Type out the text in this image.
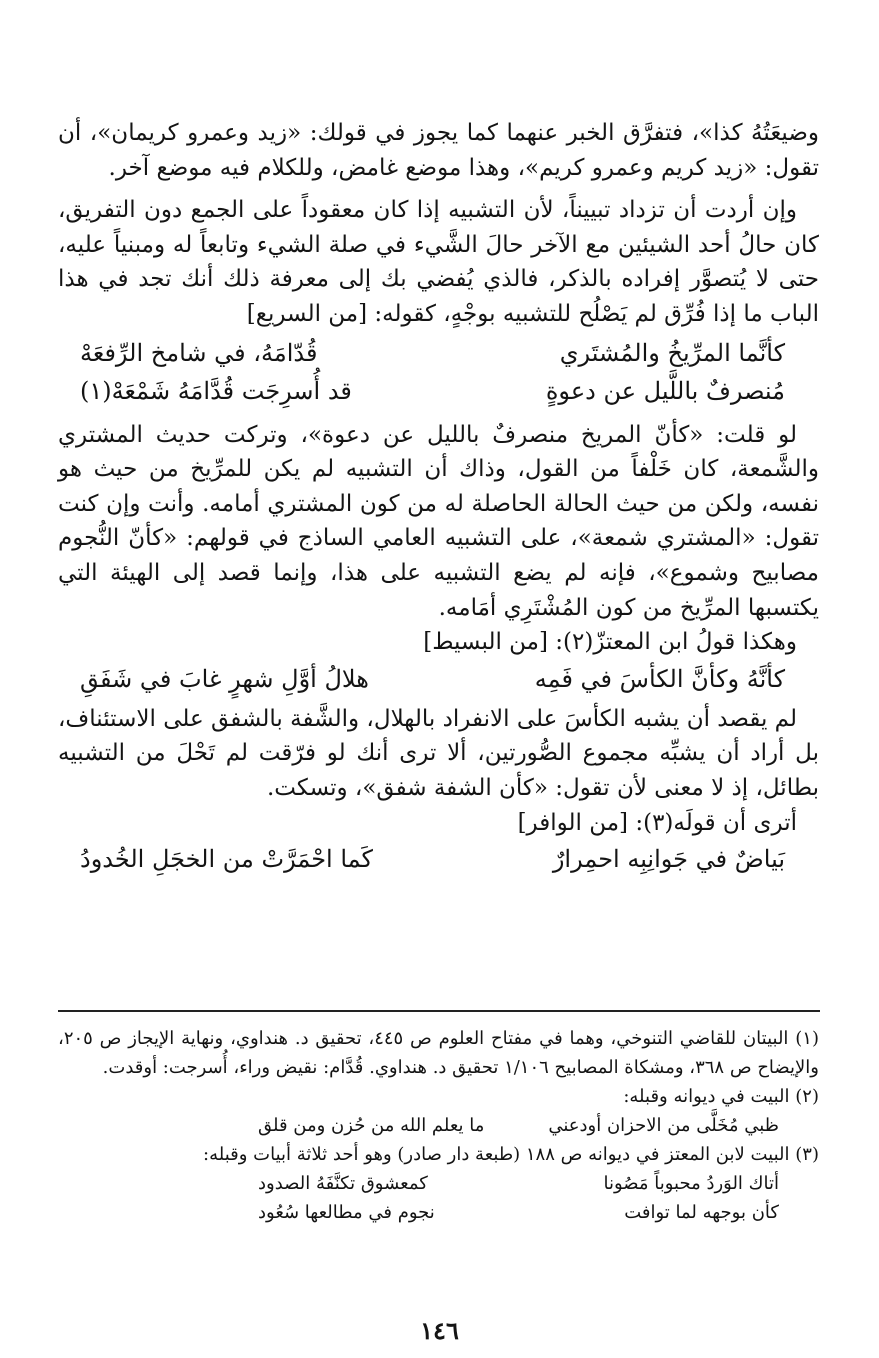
وضيعَتُهُ كذا»، فتفرَّق الخبر عنهما كما يجوز في قولك: «زيد وعمرو كريمان»، أن تقول: «زيد كريم وعمرو كريم»، وهذا موضع غامض، وللكلام فيه موضع آخر.

وإن أردت أن تزداد تبييناً، لأن التشبيه إذا كان معقوداً على الجمع دون التفريق، كان حالُ أحد الشيئين مع الآخر حالَ الشَّيء في صلة الشيء وتابعاً له ومبنياً عليه، حتى لا يُتصوَّر إفراده بالذكر، فالذي يُفضي بك إلى معرفة ذلك أنك تجد في هذا الباب ما إذا فُرِّق لم يَصْلُح للتشبيه بوجْهٍ، كقوله: [من السريع]

كأنَّما المرِّيخُ والمُشتَري
قُدّامَهُ، في شامخ الرِّفعَهْ
مُنصرفٌ باللَّيل عن دعوةٍ
قد أُسرِجَت قُدَّامَهُ شَمْعَهْ(١)

لو قلت: «كأنّ المريخ منصرفٌ بالليل عن دعوة»، وتركت حديث المشتري والشَّمعة، كان خَلْفاً من القول، وذاك أن التشبيه لم يكن للمرِّيخ من حيث هو نفسه، ولكن من حيث الحالة الحاصلة له من كون المشتري أمامه. وأنت وإن كنت تقول: «المشتري شمعة»، على التشبيه العامي الساذج في قولهم: «كأنّ النُّجوم مصابيح وشموع»، فإنه لم يضع التشبيه على هذا، وإنما قصد إلى الهيئة التي يكتسبها المرِّيخ من كون المُشْتَرِي أمَامه.

وهكذا قولُ ابن المعتزّ(٢): [من البسيط]

كأنَّهُ وكأنَّ الكأسَ في فَمِه
هلالُ أوَّلِ شهرٍ غابَ في شَفَقِ

لم يقصد أن يشبه الكأسَ على الانفراد بالهلال، والشَّفة بالشفق على الاستئناف، بل أراد أن يشبِّه مجموع الصُّورتين، ألا ترى أنك لو فرّقت لم تَحْلَ من التشبيه بطائل، إذ لا معنى لأن تقول: «كأن الشفة شفق»، وتسكت.

أترى أن قولَه(٣): [من الوافر]

بَياضٌ في جَوانِبِه احمِرارٌ
كَما احْمَرَّتْ من الخجَلِ الخُدودُ

(١) البيتان للقاضي التنوخي، وهما في مفتاح العلوم ص ٤٤٥، تحقيق د. هنداوي، ونهاية الإيجاز ص ٢٠٥، والإيضاح ص ٣٦٨، ومشكاة المصابيح ١/١٠٦ تحقيق د. هنداوي. قُدَّام: نقيض وراء، أُسرجت: أوقدت.

(٢) البيت في ديوانه وقبله:

ظبي مُخَلَّى من الاحزان أودعني
ما يعلم الله من حُزن ومن قلق

(٣) البيت لابن المعتز في ديوانه ص ١٨٨ (طبعة دار صادر) وهو أحد ثلاثة أبيات وقبله:

أتاك الوَردُ محبوباً مَصُونا
كمعشوق تكنَّفَهُ الصدود
كأن بوجهه لما توافت
نجوم في مطالعها سُعُود
١٤٦
